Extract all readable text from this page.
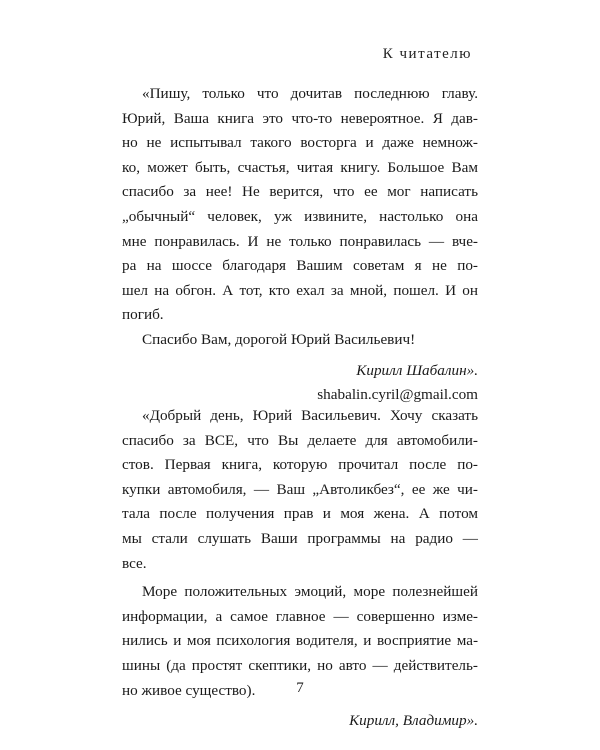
К читателю
«Пишу, только что дочитав последнюю главу.
Юрий, Ваша книга это что-то невероятное. Я дав-
но не испытывал такого восторга и даже немнож-
ко, может быть, счастья, читая книгу. Большое Вам
спасибо за нее! Не верится, что ее мог написать
„обычный“ человек, уж извините, настолько она
мне понравилась. И не только понравилась — вче-
ра на шоссе благодаря Вашим советам я не по-
шел на обгон. А тот, кто ехал за мной, пошел. И он
погиб.
Спасибо Вам, дорогой Юрий Васильевич!
Кирилл Шабалин».
shabalin.cyril@gmail.com
«Добрый день, Юрий Васильевич. Хочу сказать
спасибо за ВСЕ, что Вы делаете для автомобили-
стов. Первая книга, которую прочитал после по-
купки автомобиля, — Ваш „Автоликбез“, ее же чи-
тала после получения прав и моя жена. А потом
мы стали слушать Ваши программы на радио —
все.
Море положительных эмоций, море полезнейшей
информации, а самое главное — совершенно изме-
нились и моя психология водителя, и восприятие ма-
шины (да простят скептики, но авто — действитель-
но живое существо).
Кирилл, Владимир».
7
